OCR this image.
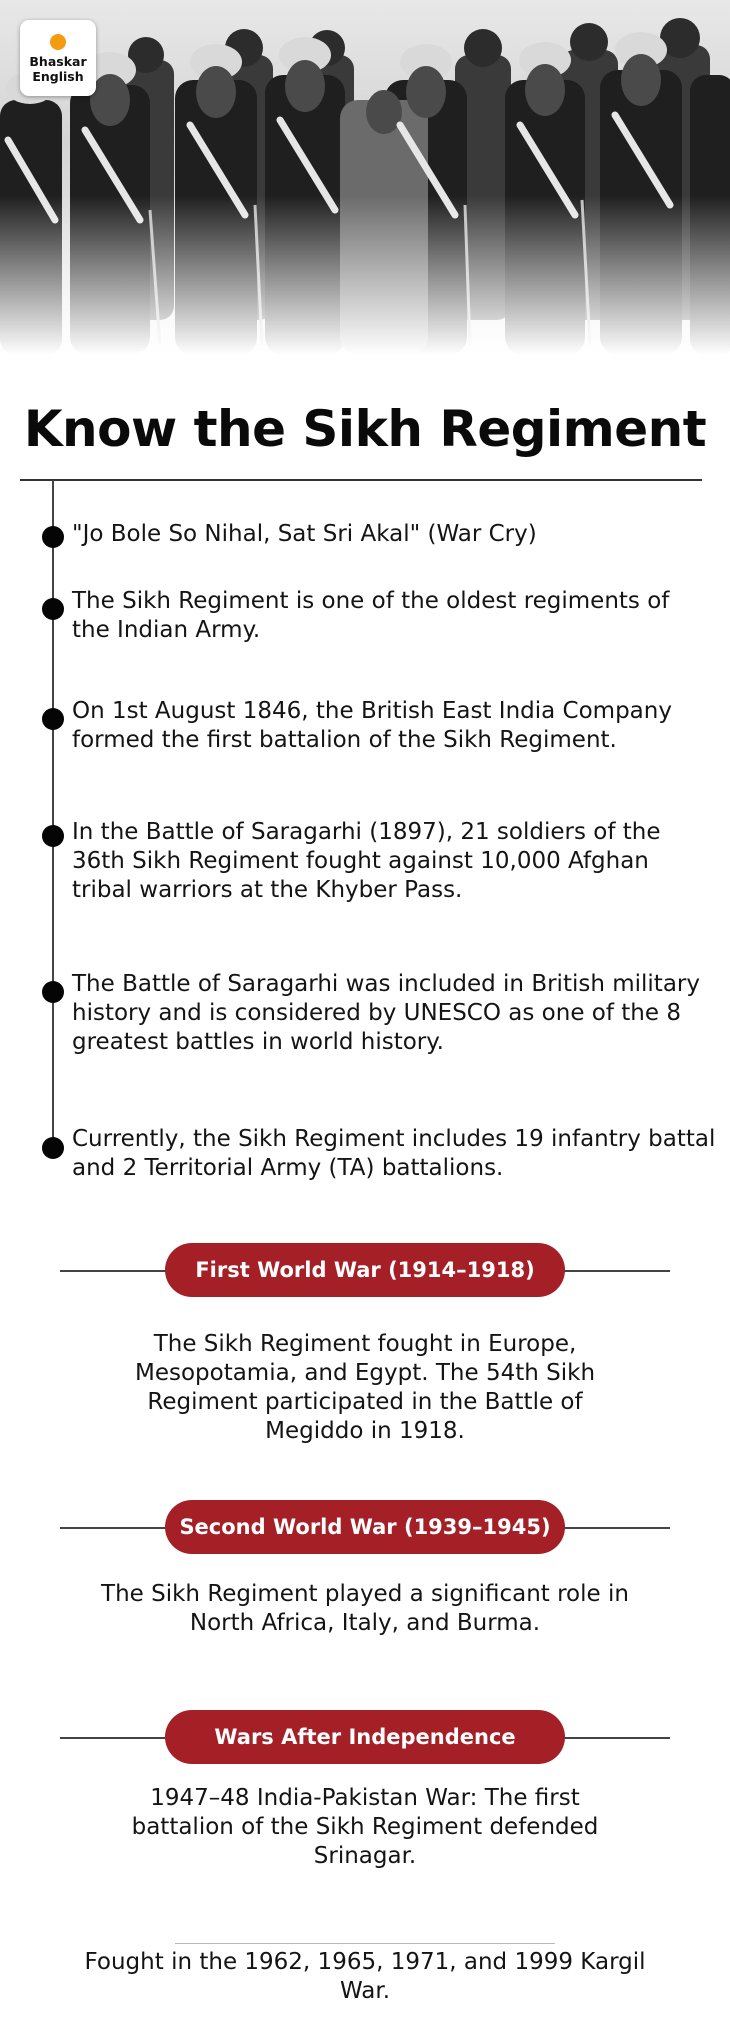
Bhaskar
English
Know the Sikh Regiment
"Jo Bole So Nihal, Sat Sri Akal" (War Cry)
The Sikh Regiment is one of the oldest regiments of
the Indian Army.
On 1st August 1846, the British East India Company
formed the first battalion of the Sikh Regiment.
In the Battle of Saragarhi (1897), 21 soldiers of the
36th Sikh Regiment fought against 10,000 Afghan
tribal warriors at the Khyber Pass.
The Battle of Saragarhi was included in British military
history and is considered by UNESCO as one of the 8
greatest battles in world history.
Currently, the Sikh Regiment includes 19 infantry battal
and 2 Territorial Army (TA) battalions.
First World War (1914–1918)
The Sikh Regiment fought in Europe,
Mesopotamia, and Egypt. The 54th Sikh
Regiment participated in the Battle of
Megiddo in 1918.
Second World War (1939–1945)
The Sikh Regiment played a significant role in
North Africa, Italy, and Burma.
Wars After Independence
1947–48 India-Pakistan War: The first
battalion of the Sikh Regiment defended
Srinagar.
Fought in the 1962, 1965, 1971, and 1999 Kargil
War.
